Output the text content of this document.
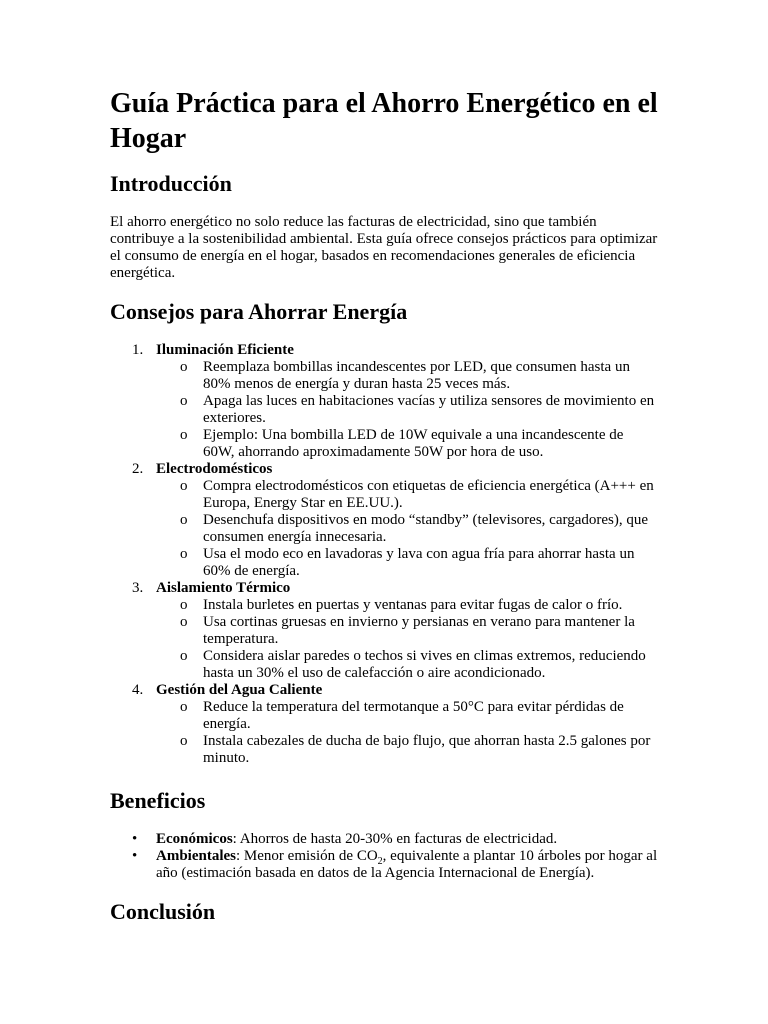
Guía Práctica para el Ahorro Energético en el Hogar
Introducción

El ahorro energético no solo reduce las facturas de electricidad, sino que también contribuye a la sostenibilidad ambiental. Esta guía ofrece consejos prácticos para optimizar el consumo de energía en el hogar, basados en recomendaciones generales de eficiencia energética.

Consejos para Ahorrar Energía
1. Iluminación Eficiente
o Reemplaza bombillas incandescentes por LED, que consumen hasta un 80% menos de energía y duran hasta 25 veces más.
o Apaga las luces en habitaciones vacías y utiliza sensores de movimiento en exteriores.
o Ejemplo: Una bombilla LED de 10W equivale a una incandescente de 60W, ahorrando aproximadamente 50W por hora de uso.
2. Electrodomésticos
o Compra electrodomésticos con etiquetas de eficiencia energética (A+++ en Europa, Energy Star en EE.UU.).
o Desenchufa dispositivos en modo “standby” (televisores, cargadores), que consumen energía innecesaria.
o Usa el modo eco en lavadoras y lava con agua fría para ahorrar hasta un 60% de energía.
3. Aislamiento Térmico
o Instala burletes en puertas y ventanas para evitar fugas de calor o frío.
o Usa cortinas gruesas en invierno y persianas en verano para mantener la temperatura.
o Considera aislar paredes o techos si vives en climas extremos, reduciendo hasta un 30% el uso de calefacción o aire acondicionado.
4. Gestión del Agua Caliente
o Reduce la temperatura del termotanque a 50°C para evitar pérdidas de energía.
o Instala cabezales de ducha de bajo flujo, que ahorran hasta 2.5 galones por minuto.
Beneficios
• Económicos: Ahorros de hasta 20-30% en facturas de electricidad.
• Ambientales: Menor emisión de $CO_2$, equivalente a plantar 10 árboles por hogar al año (estimación basada en datos de la Agencia Internacional de Energía).
Conclusión
